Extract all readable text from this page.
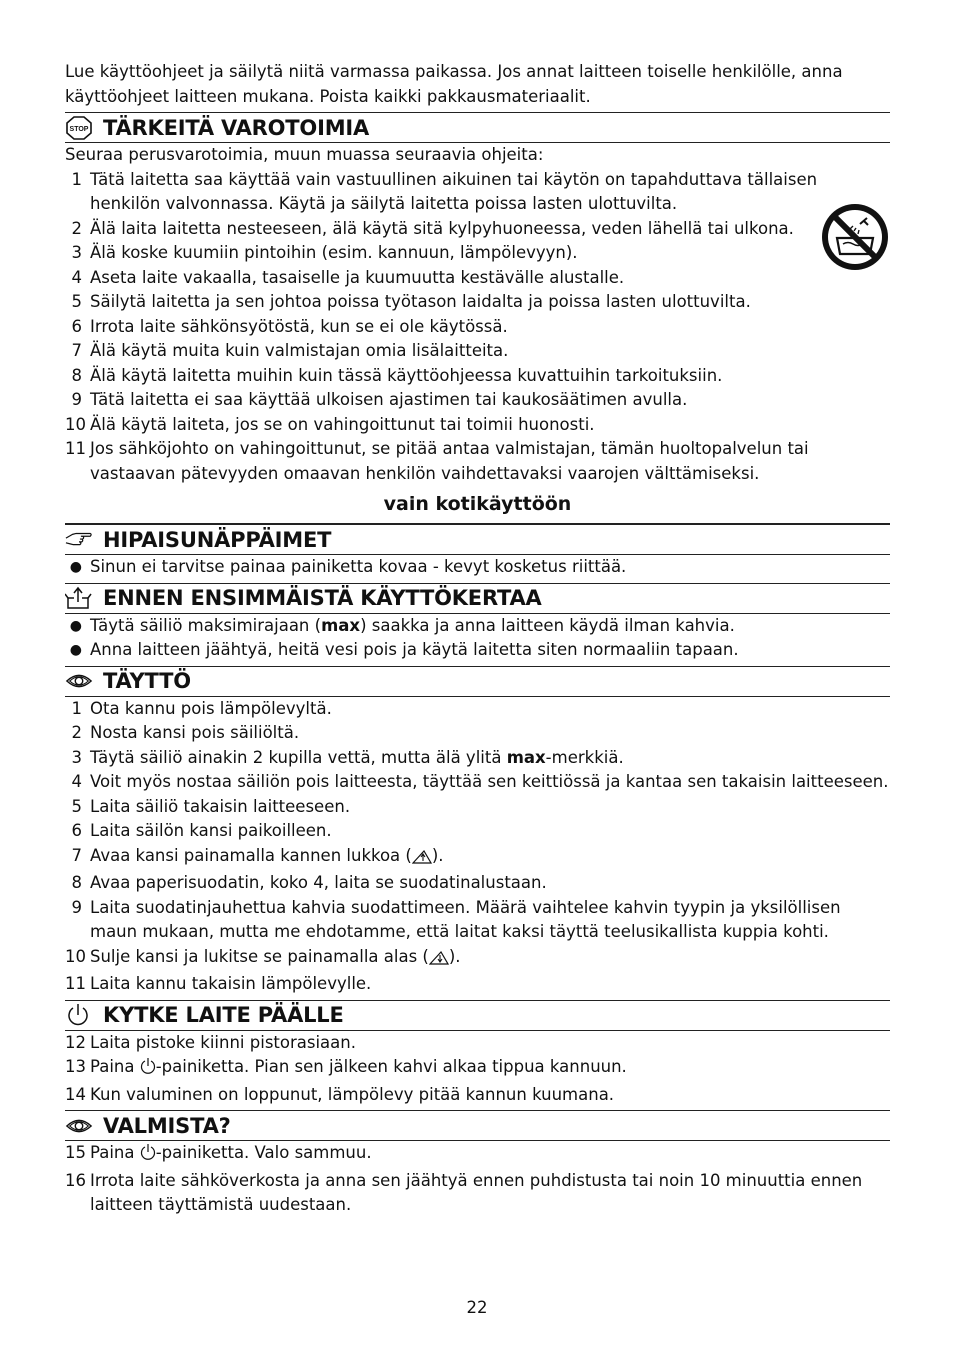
Lue käyttöohjeet ja säilytä niitä varmassa paikassa. Jos annat laitteen toiselle henkilölle, anna käyttöohjeet laitteen mukana. Poista kaikki pakkausmateriaalit.
STOP TÄRKEITÄ VAROTOIMIA
Seuraa perusvarotoimia, muun muassa seuraavia ohjeita:
1 Tätä laitetta saa käyttää vain vastuullinen aikuinen tai käytön on tapahduttava tällaisen henkilön valvonnassa. Käytä ja säilytä laitetta poissa lasten ulottuvilta.
2 Älä laita laitetta nesteeseen, älä käytä sitä kylpyhuoneessa, veden lähellä tai ulkona.
3 Älä koske kuumiin pintoihin (esim. kannuun, lämpölevyyn).
4 Aseta laite vakaalla, tasaiselle ja kuumuutta kestävälle alustalle.
5 Säilytä laitetta ja sen johtoa poissa työtason laidalta ja poissa lasten ulottuvilta.
6 Irrota laite sähkönsyötöstä, kun se ei ole käytössä.
7 Älä käytä muita kuin valmistajan omia lisälaitteita.
8 Älä käytä laitetta muihin kuin tässä käyttöohjeessa kuvattuihin tarkoituksiin.
9 Tätä laitetta ei saa käyttää ulkoisen ajastimen tai kaukosäätimen avulla.
10 Älä käytä laiteta, jos se on vahingoittunut tai toimii huonosti.
11 Jos sähköjohto on vahingoittunut, se pitää antaa valmistajan, tämän huoltopalvelun tai vastaavan pätevyyden omaavan henkilön vaihdettavaksi vaarojen välttämiseksi.
vain kotikäyttöön
HIPAISUNÄPPÄIMET
● Sinun ei tarvitse painaa painiketta kovaa - kevyt kosketus riittää.
ENNEN ENSIMMÄISTÄ KÄYTTÖKERTAA
● Täytä säiliö maksimirajaan (max) saakka ja anna laitteen käydä ilman kahvia.
● Anna laitteen jäähtyä, heitä vesi pois ja käytä laitetta siten normaaliin tapaan.
TÄYTTÖ
1 Ota kannu pois lämpölevyltä.
2 Nosta kansi pois säiliöltä.
3 Täytä säiliö ainakin 2 kupilla vettä, mutta älä ylitä max-merkkiä.
4 Voit myös nostaa säiliön pois laitteesta, täyttää sen keittiössä ja kantaa sen takaisin laitteeseen.
5 Laita säiliö takaisin laitteeseen.
6 Laita säilön kansi paikoilleen.
7 Avaa kansi painamalla kannen lukkoa ( ).
8 Avaa paperisuodatin, koko 4, laita se suodatinalustaan.
9 Laita suodatinjauhettua kahvia suodattimeen. Määrä vaihtelee kahvin tyypin ja yksilöllisen maun mukaan, mutta me ehdotamme, että laitat kaksi täyttä teelusikallista kuppia kohti.
10 Sulje kansi ja lukitse se painamalla alas ( ).
11 Laita kannu takaisin lämpölevylle.
KYTKE LAITE PÄÄLLE
12 Laita pistoke kiinni pistorasiaan.
13 Paina -painiketta. Pian sen jälkeen kahvi alkaa tippua kannuun.
14 Kun valuminen on loppunut, lämpölevy pitää kannun kuumana.
VALMISTA?
15 Paina -painiketta. Valo sammuu.
16 Irrota laite sähköverkosta ja anna sen jäähtyä ennen puhdistusta tai noin 10 minuuttia ennen laitteen täyttämistä uudestaan.
22
